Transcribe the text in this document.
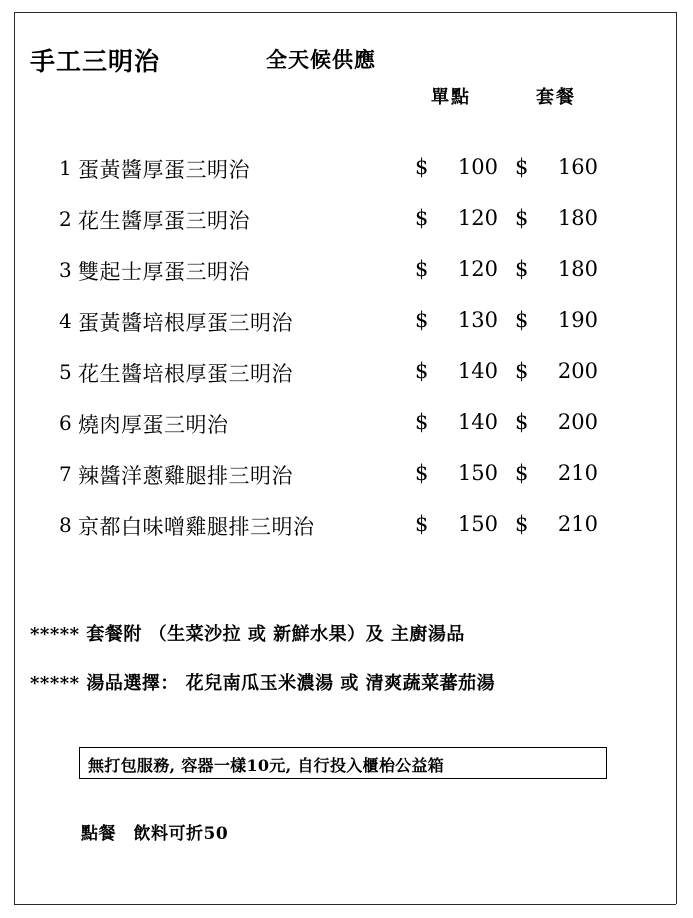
手工三明治	全天候供應
單點	套餐
1 蛋黃醬厚蛋三明治	$	100 $	160
2 花生醬厚蛋三明治	$	120 $	180
3 雙起士厚蛋三明治	$	120 $	180
4 蛋黃醬培根厚蛋三明治	$	130 $	190
5 花生醬培根厚蛋三明治	$	140 $	200
6 燒肉厚蛋三明治	$	140 $	200
7 辣醬洋蔥雞腿排三明治	$	150 $	210
8 京都白味噌雞腿排三明治	$	150 $	210
***** 套餐附 （生菜沙拉 或 新鮮水果）及 主廚湯品
***** 湯品選擇： 花兒南瓜玉米濃湯 或 清爽蔬菜蕃茄湯
無打包服務, 容器一樣10元, 自行投入櫃枱公益箱
點餐　飲料可折50
